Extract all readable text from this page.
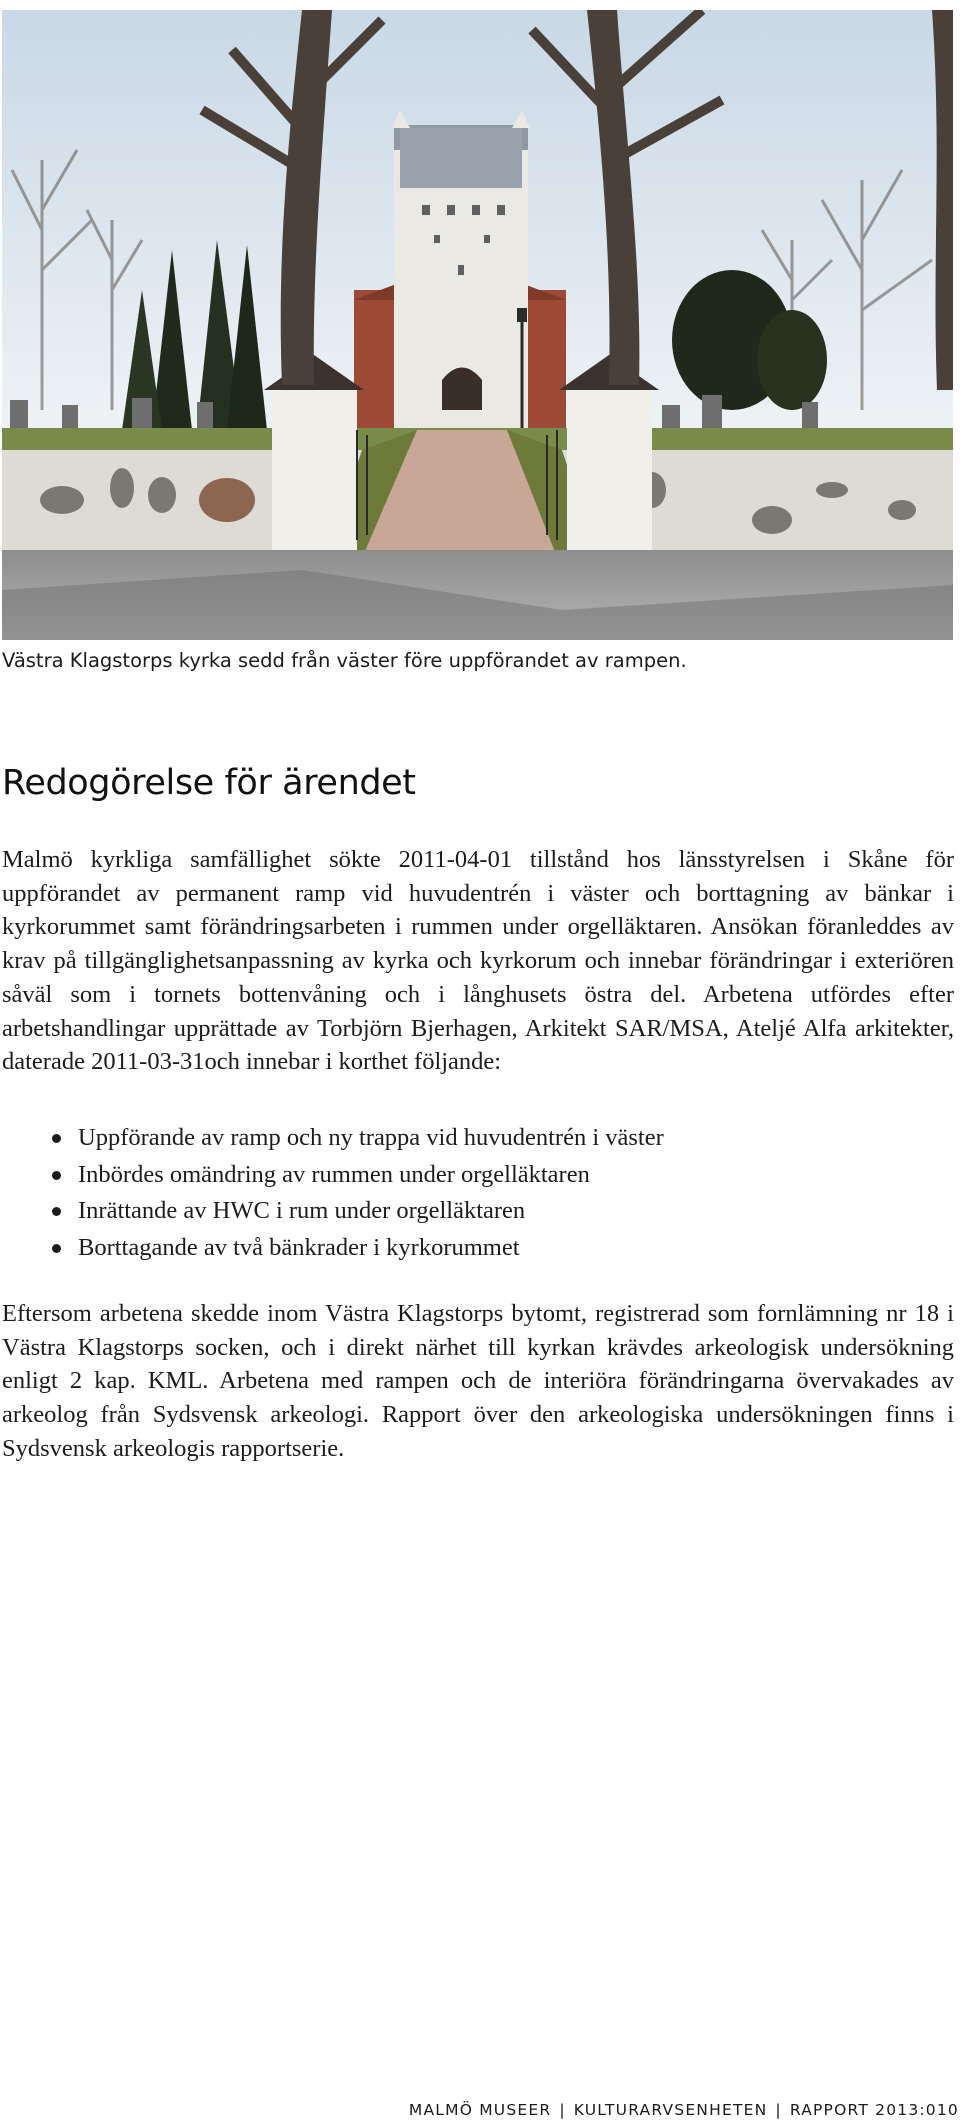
Västra Klagstorps kyrka sedd från väster före uppförandet av rampen.

Redogörelse för ärendet

Malmö kyrkliga samfällighet sökte 2011-04-01 tillstånd hos länsstyrelsen i Skåne för uppförandet av permanent ramp vid huvudentrén i väster och borttagning av bänkar i kyrkorummet samt förändringsarbeten i rummen under orgelläktaren. Ansökan föranleddes av krav på tillgänglighetsanpassning av kyrka och kyrkorum och innebar förändringar i exteriören såväl som i tornets bottenvåning och i långhusets östra del. Arbetena utfördes efter arbetshandlingar upprättade av Torbjörn Bjerhagen, Arkitekt SAR/MSA, Ateljé Alfa arkitekter, daterade 2011-03-31och innebar i korthet följande:

Uppförande av ramp och ny trappa vid huvudentrén i väster
Inbördes omändring av rummen under orgelläktaren
Inrättande av HWC i rum under orgelläktaren
Borttagande av två bänkrader i kyrkorummet

Eftersom arbetena skedde inom Västra Klagstorps bytomt, registrerad som fornlämning nr 18 i Västra Klagstorps socken, och i direkt närhet till kyrkan krävdes arkeologisk undersökning enligt 2 kap. KML. Arbetena med rampen och de interiöra förändringarna övervakades av arkeolog från Sydsvensk arkeologi. Rapport över den arkeologiska undersökningen finns i Sydsvensk arkeologis rapportserie.

MALMÖ MUSEER | KULTURARVSENHETEN | RAPPORT 2013:010
